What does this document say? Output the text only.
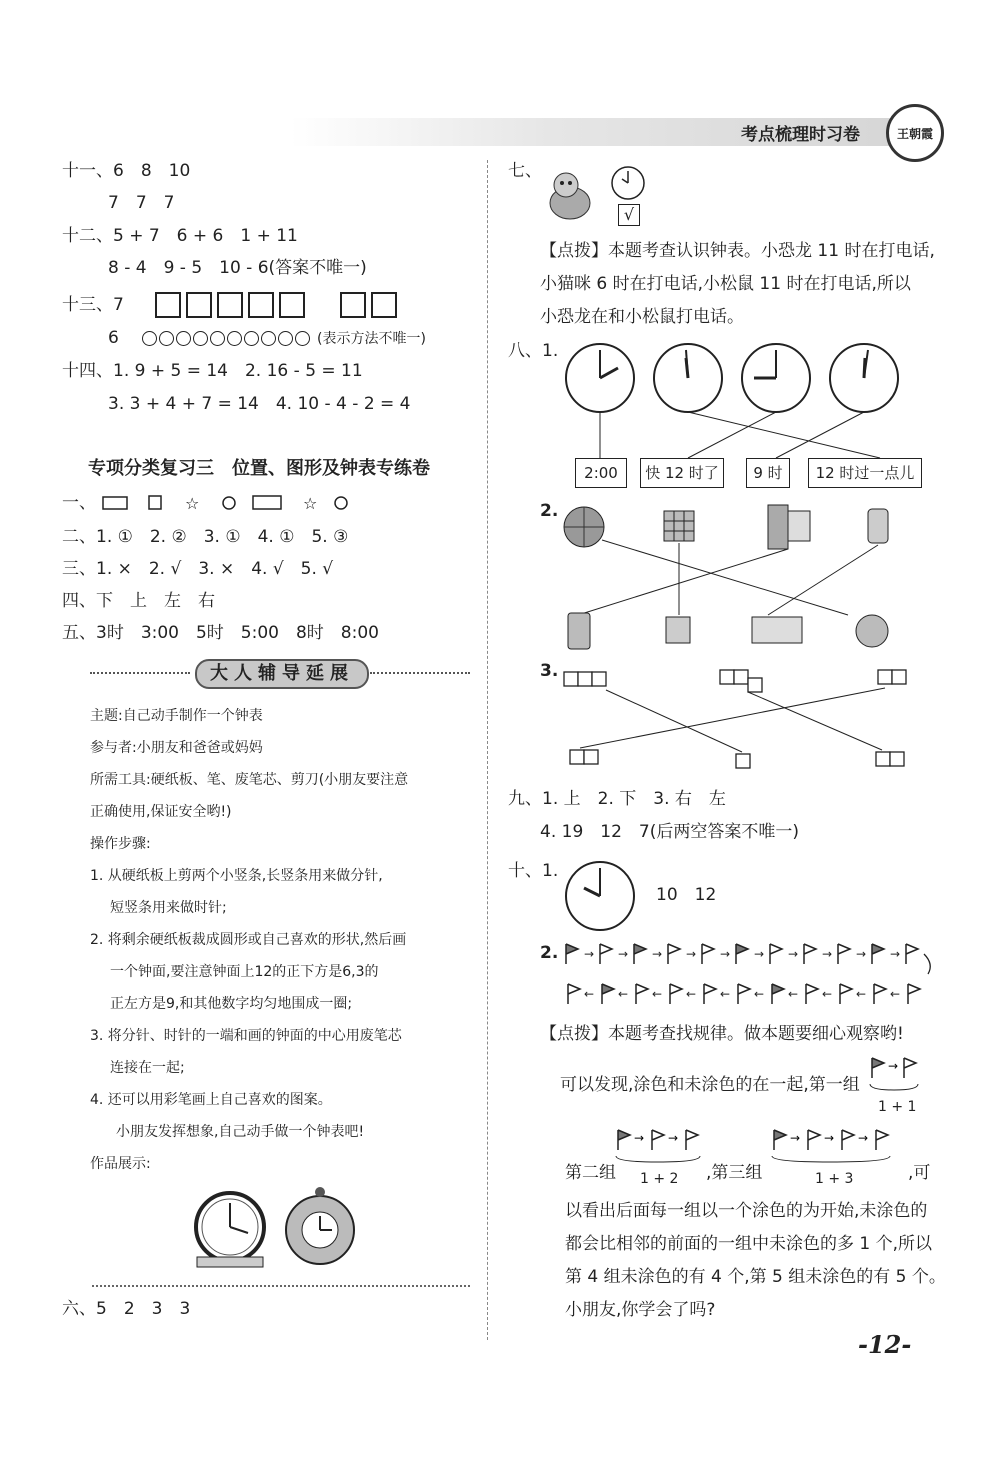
考点梳理时习卷	王朝霞
十一、6　8　10
7　7　7
十二、5 + 7　6 + 6　1 + 11
8 - 4　9 - 5　10 - 6(答案不唯一)
十三、7
6	(表示方法不唯一)
十四、1. 9 + 5 = 14　2. 16 - 5 = 11
3. 3 + 4 + 7 = 14　4. 10 - 4 - 2 = 4
专项分类复习三　位置、图形及钟表专练卷
一、	☆	☆
二、1. ①　2. ②　3. ①　4. ①　5. ③
三、1. ×　2. √　3. ×　4. √　5. √
四、下　上　左　右
五、3时　3:00　5时　5:00　8时　8:00
大人辅导延展
主题:自己动手制作一个钟表
参与者:小朋友和爸爸或妈妈
所需工具:硬纸板、笔、废笔芯、剪刀(小朋友要注意
正确使用,保证安全哟!)
操作步骤:
1. 从硬纸板上剪两个小竖条,长竖条用来做分针,
短竖条用来做时针;
2. 将剩余硬纸板裁成圆形或自己喜欢的形状,然后画
一个钟面,要注意钟面上12的正下方是6,3的
正左方是9,和其他数字均匀地围成一圈;
3. 将分针、时针的一端和画的钟面的中心用废笔芯
连接在一起;
4. 还可以用彩笔画上自己喜欢的图案。
小朋友发挥想象,自己动手做一个钟表吧!
作品展示:
六、5　2　3　3
七、
√
【点拨】本题考查认识钟表。小恐龙 11 时在打电话,
小猫咪 6 时在打电话,小松鼠 11 时在打电话,所以
小恐龙在和小松鼠打电话。
八、1.
2:00	快 12 时了	9 时	12 时过一点儿
2.
3.
九、1. 上　2. 下　3. 右　左
4. 19　12　7(后两空答案不唯一)
十、1.
10　12
2. → → → → → → → → → →
← ← ← ← ← ← ← ← ← ←
【点拨】本题考查找规律。做本题要细心观察哟!
可以发现,涂色和未涂色的在一起,第一组
→
1 + 1
→ →
第二组 1 + 2 ,第三组
→ → →
1 + 3	,可
以看出后面每一组以一个涂色的为开始,未涂色的
都会比相邻的前面的一组中未涂色的多 1 个,所以
第 4 组未涂色的有 4 个,第 5 组未涂色的有 5 个。
小朋友,你学会了吗?
-12-
